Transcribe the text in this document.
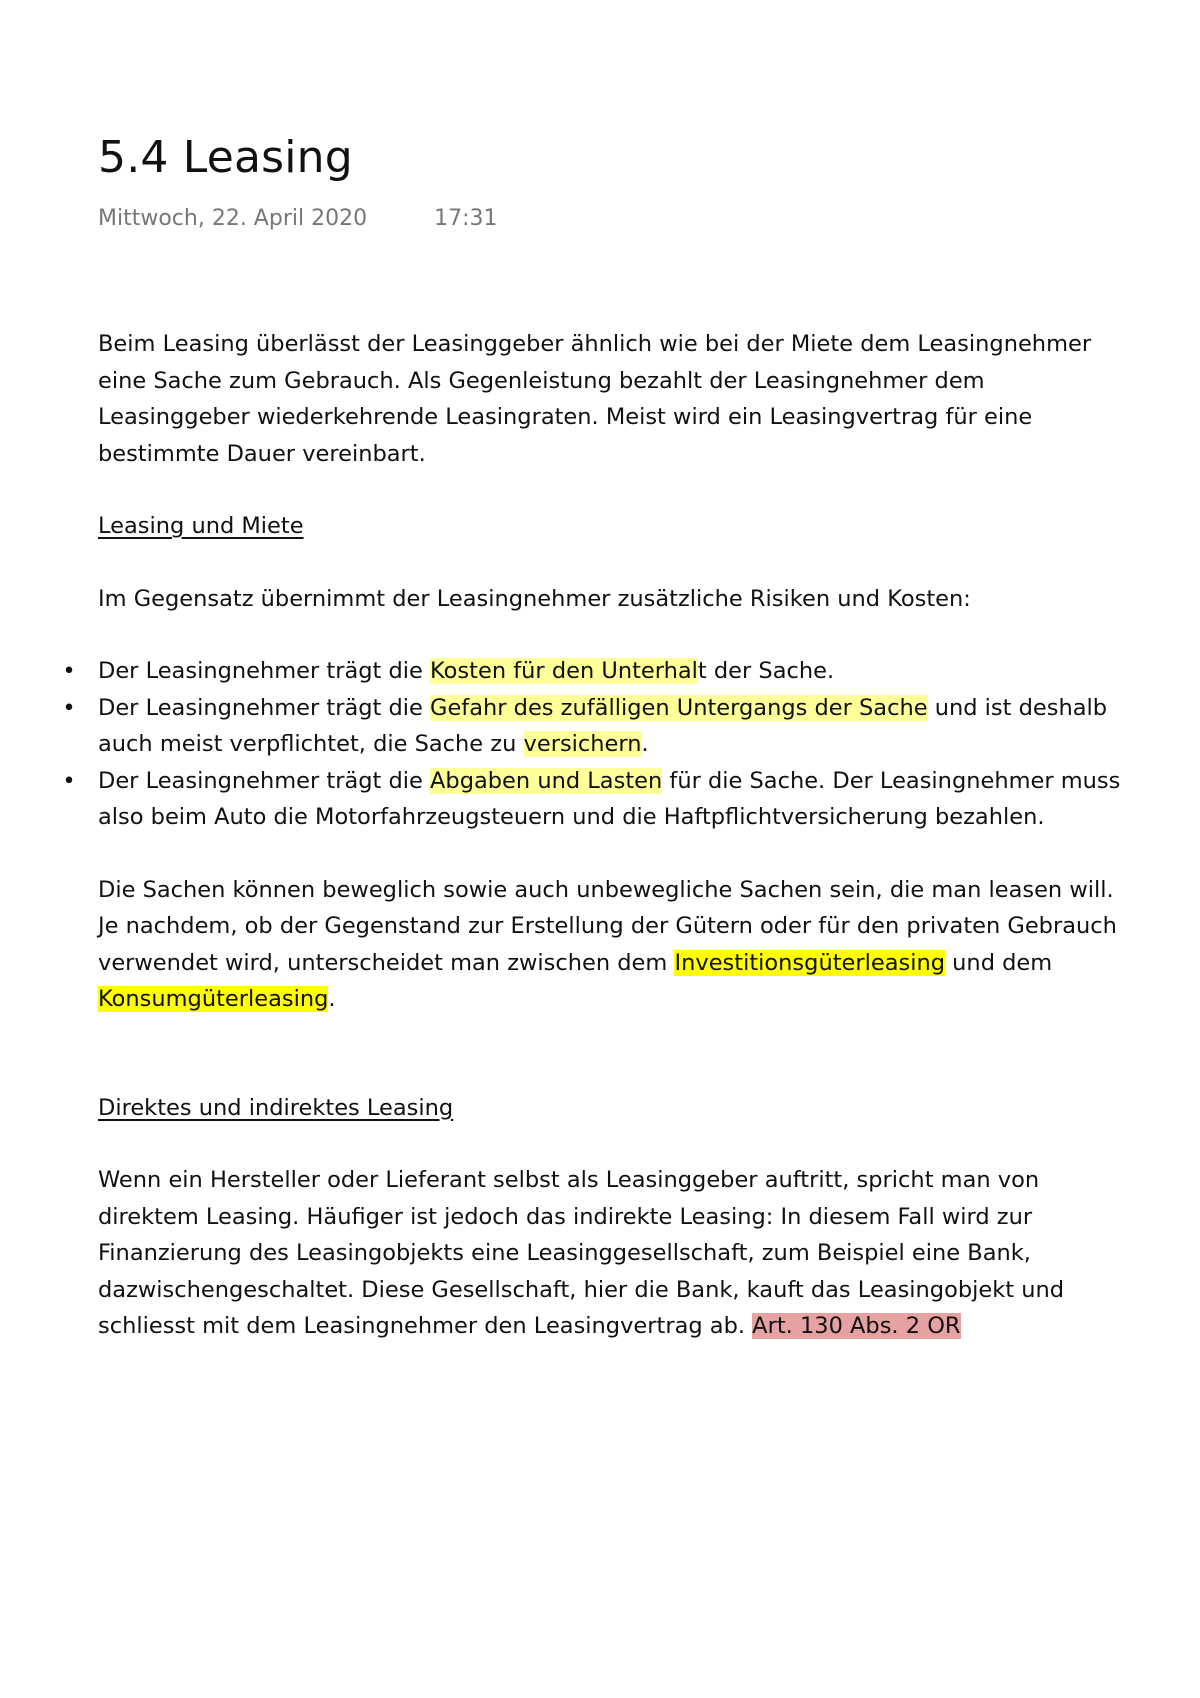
5.4 Leasing
Mittwoch, 22. April 2020	17:31

Beim Leasing überlässt der Leasinggeber ähnlich wie bei der Miete dem Leasingnehmer eine Sache zum Gebrauch. Als Gegenleistung bezahlt der Leasingnehmer dem Leasinggeber wiederkehrende Leasingraten. Meist wird ein Leasingvertrag für eine bestimmte Dauer vereinbart.

Leasing und Miete

Im Gegensatz übernimmt der Leasingnehmer zusätzliche Risiken und Kosten:

• Der Leasingnehmer trägt die Kosten für den Unterhalt der Sache.
• Der Leasingnehmer trägt die Gefahr des zufälligen Untergangs der Sache und ist deshalb auch meist verpflichtet, die Sache zu versichern.
• Der Leasingnehmer trägt die Abgaben und Lasten für die Sache. Der Leasingnehmer muss also beim Auto die Motorfahrzeugsteuern und die Haftpflichtversicherung bezahlen.

Die Sachen können beweglich sowie auch unbewegliche Sachen sein, die man leasen will. Je nachdem, ob der Gegenstand zur Erstellung der Gütern oder für den privaten Gebrauch verwendet wird, unterscheidet man zwischen dem Investitionsgüterleasing und dem Konsumgüterleasing.

Direktes und indirektes Leasing

Wenn ein Hersteller oder Lieferant selbst als Leasinggeber auftritt, spricht man von direktem Leasing. Häufiger ist jedoch das indirekte Leasing: In diesem Fall wird zur Finanzierung des Leasingobjekts eine Leasinggesellschaft, zum Beispiel eine Bank, dazwischengeschaltet. Diese Gesellschaft, hier die Bank, kauft das Leasingobjekt und schliesst mit dem Leasingnehmer den Leasingvertrag ab. Art. 130 Abs. 2 OR
